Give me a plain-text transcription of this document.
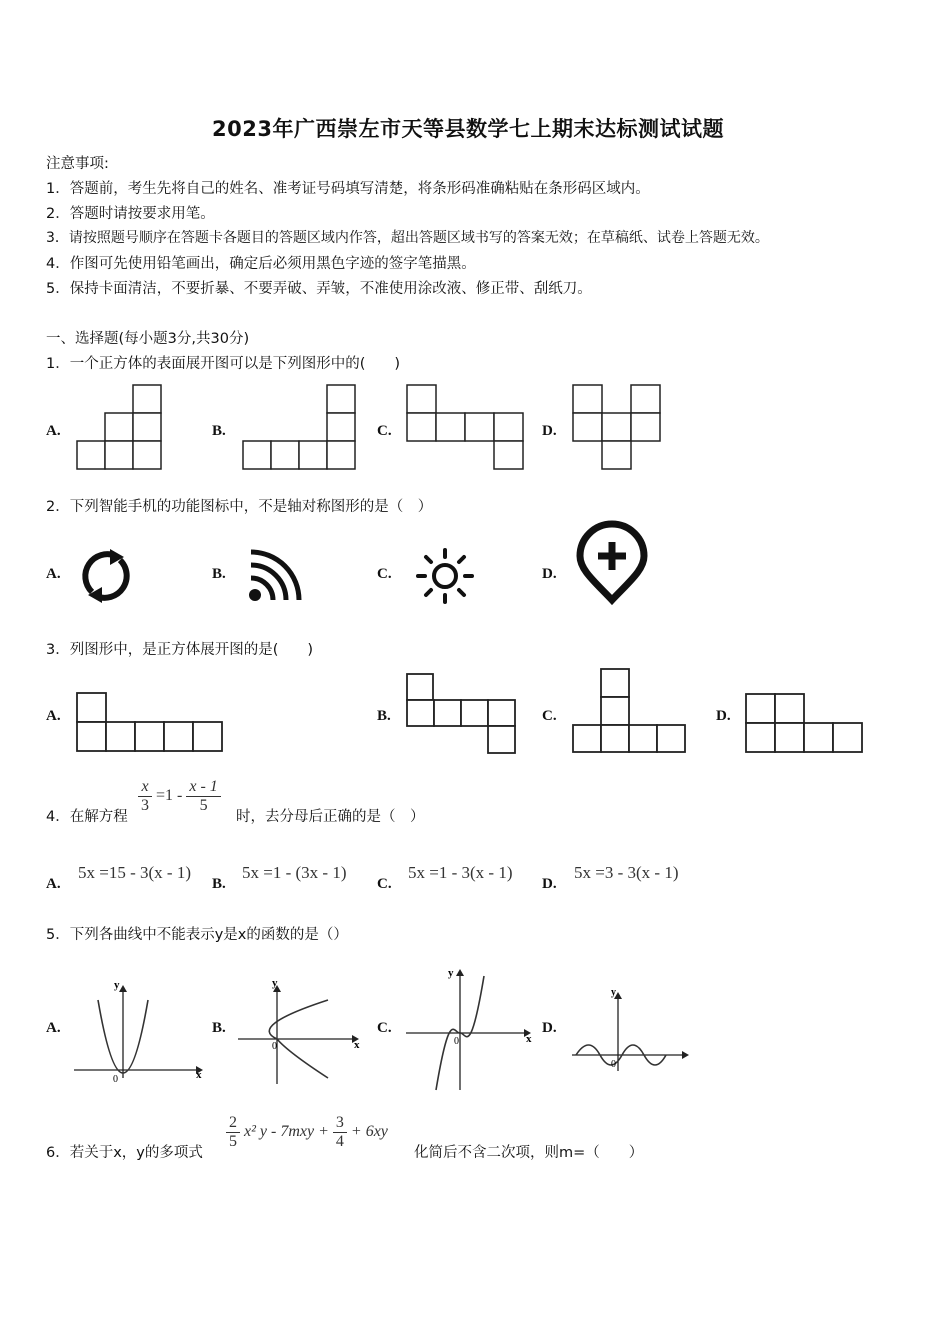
2023年广西崇左市天等县数学七上期末达标测试试题
注意事项:
1．答题前，考生先将自己的姓名、准考证号码填写清楚，将条形码准确粘贴在条形码区域内。
2．答题时请按要求用笔。
3．请按照题号顺序在答题卡各题目的答题区域内作答，超出答题区域书写的答案无效；在草稿纸、试卷上答题无效。
4．作图可先使用铅笔画出，确定后必须用黑色字迹的签字笔描黑。
5．保持卡面清洁，不要折暴、不要弄破、弄皱，不准使用涂改液、修正带、刮纸刀。
一、选择题(每小题3分,共30分)
1．一个正方体的表面展开图可以是下列图形中的(　　)
A.	B.	C.	D.
2．下列智能手机的功能图标中，不是轴对称图形的是（　）
A.	B.	C.	D.
3．列图形中，是正方体展开图的是(　　)
A.	B.	C.	D.
4．在解方程
$\frac{x}{3} =1 - \frac{x - 1}{5}$
时，去分母后正确的是（　）
A.
5x =15 - 3(x - 1)
B.
5x =1 - (3x - 1)
C.
5x =1 - 3(x - 1)
D.
5x =3 - 3(x - 1)
5．下列各曲线中不能表示y是x的函数的是（）
A.
x
y
0
B.
x
y
0
C.
x
y
0
D.
y
0
6．若关于x，y的多项式
$\frac{2}{5} x^2$ $y - 7mxy + \frac{3}{4} + 6xy$
化简后不含二次项，则m=（　　）
